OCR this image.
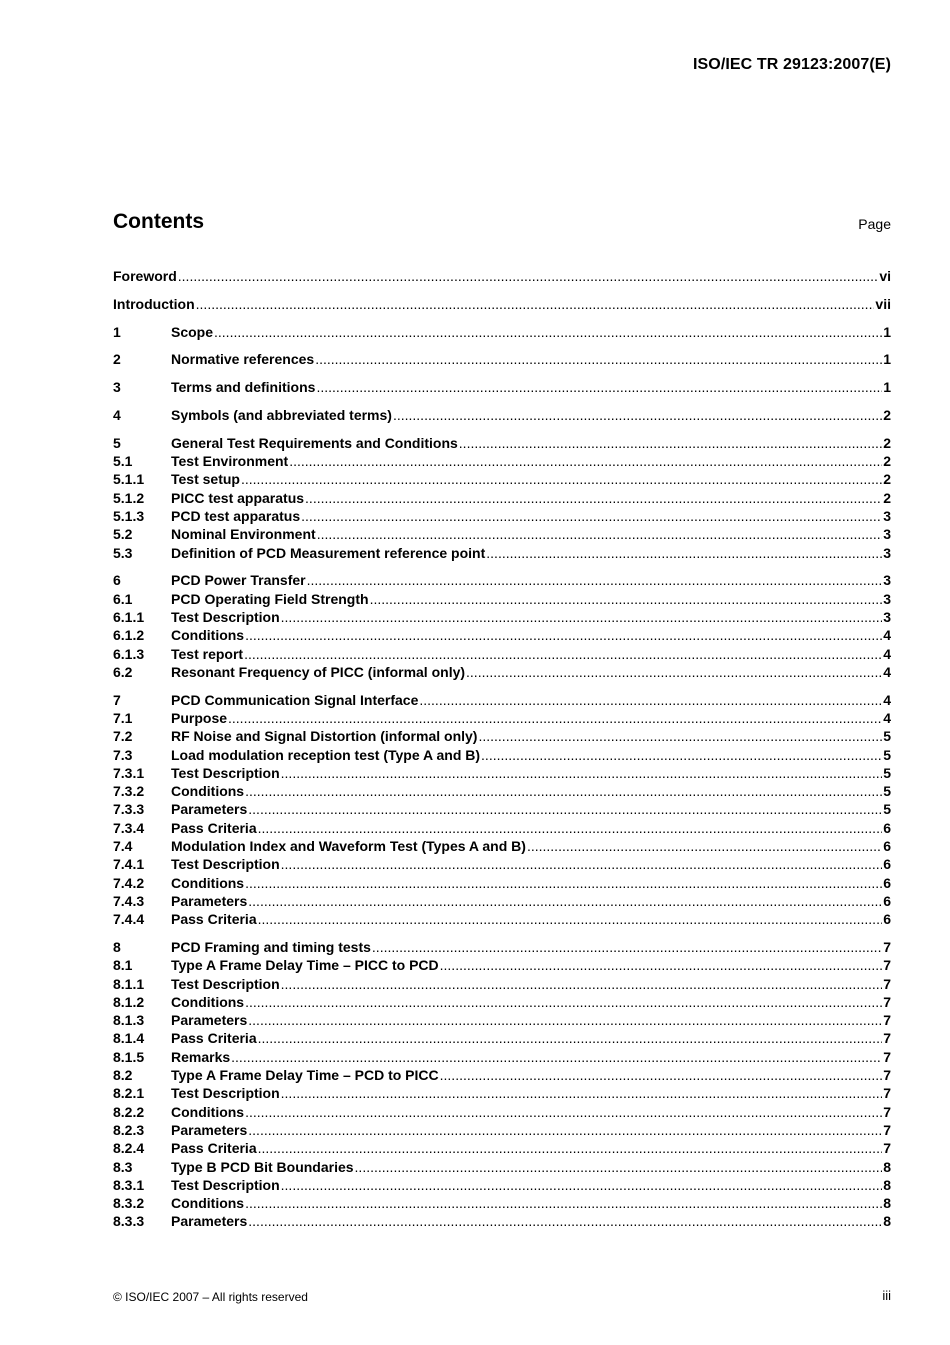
ISO/IEC TR 29123:2007(E)
Contents	Page
Foreword .....	vi
Introduction .....	vii
1	Scope .....	1
2	Normative references .....	1
3	Terms and definitions .....	1
4	Symbols (and abbreviated terms) .....	2
5	General Test Requirements and Conditions .....	2
5.1	Test Environment .....	2
5.1.1	Test setup .....	2
5.1.2	PICC test apparatus .....	2
5.1.3	PCD test apparatus .....	3
5.2	Nominal Environment .....	3
5.3	Definition of PCD Measurement reference point .....	3
6	PCD Power Transfer .....	3
6.1	PCD Operating Field Strength .....	3
6.1.1	Test Description .....	3
6.1.2	Conditions .....	4
6.1.3	Test report .....	4
6.2	Resonant Frequency of PICC (informal only) .....	4
7	PCD Communication Signal Interface .....	4
7.1	Purpose .....	4
7.2	RF Noise and Signal Distortion (informal only) .....	5
7.3	Load modulation reception test (Type A and B) .....	5
7.3.1	Test Description .....	5
7.3.2	Conditions .....	5
7.3.3	Parameters .....	5
7.3.4	Pass Criteria .....	6
7.4	Modulation Index and Waveform Test (Types A and B) .....	6
7.4.1	Test Description .....	6
7.4.2	Conditions .....	6
7.4.3	Parameters .....	6
7.4.4	Pass Criteria .....	6
8	PCD Framing and timing tests .....	7
8.1	Type A Frame Delay Time – PICC to PCD .....	7
8.1.1	Test Description .....	7
8.1.2	Conditions .....	7
8.1.3	Parameters .....	7
8.1.4	Pass Criteria .....	7
8.1.5	Remarks .....	7
8.2	Type A Frame Delay Time – PCD to PICC .....	7
8.2.1	Test Description .....	7
8.2.2	Conditions .....	7
8.2.3	Parameters .....	7
8.2.4	Pass Criteria .....	7
8.3	Type B PCD Bit Boundaries .....	8
8.3.1	Test Description .....	8
8.3.2	Conditions .....	8
8.3.3	Parameters .....	8
© ISO/IEC 2007 – All rights reserved	iii
